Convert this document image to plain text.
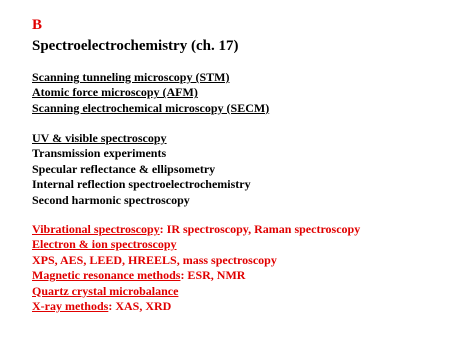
B
Spectroelectrochemistry (ch. 17)
Scanning tunneling microscopy (STM)
Atomic force microscopy (AFM)
Scanning electrochemical microscopy (SECM)
UV & visible spectroscopy
Transmission experiments
Specular reflectance & ellipsometry
Internal reflection spectroelectrochemistry
Second harmonic spectroscopy
Vibrational spectroscopy: IR spectroscopy, Raman spectroscopy
Electron & ion spectroscopy
XPS, AES, LEED, HREELS, mass spectroscopy
Magnetic resonance methods: ESR, NMR
Quartz crystal microbalance
X-ray methods: XAS, XRD
